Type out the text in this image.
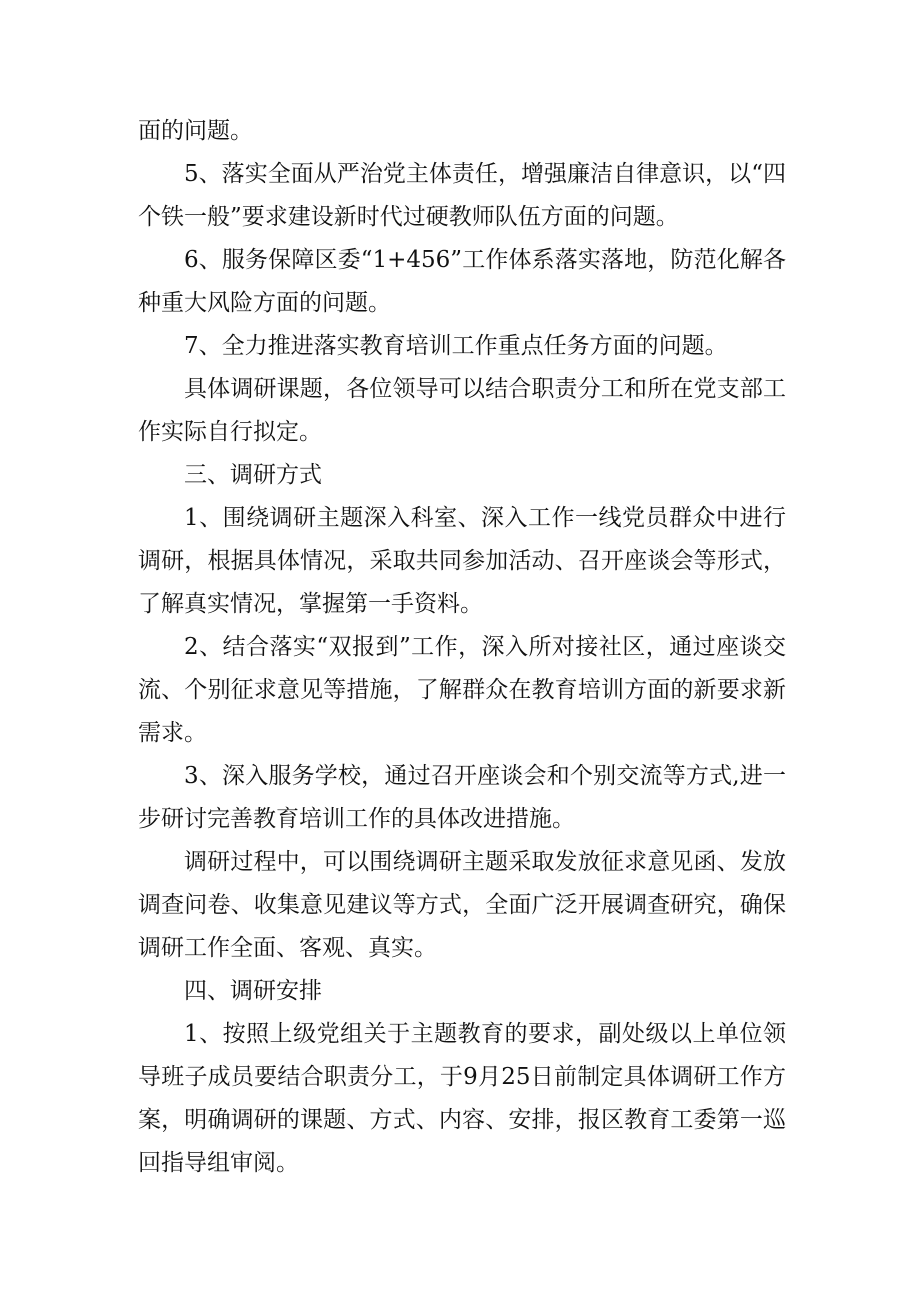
面的问题。

5、落实全面从严治党主体责任，增强廉洁自律意识，以“四个铁一般”要求建设新时代过硬教师队伍方面的问题。

6、服务保障区委“1+456”工作体系落实落地，防范化解各种重大风险方面的问题。

7、全力推进落实教育培训工作重点任务方面的问题。

具体调研课题，各位领导可以结合职责分工和所在党支部工作实际自行拟定。

三、调研方式

1、围绕调研主题深入科室、深入工作一线党员群众中进行调研，根据具体情况，采取共同参加活动、召开座谈会等形式，了解真实情况，掌握第一手资料。

2、结合落实“双报到”工作，深入所对接社区，通过座谈交流、个别征求意见等措施，了解群众在教育培训方面的新要求新需求。

3、深入服务学校，通过召开座谈会和个别交流等方式,进一步研讨完善教育培训工作的具体改进措施。

调研过程中，可以围绕调研主题采取发放征求意见函、发放调查问卷、收集意见建议等方式，全面广泛开展调查研究，确保调研工作全面、客观、真实。

四、调研安排

1、按照上级党组关于主题教育的要求，副处级以上单位领导班子成员要结合职责分工，于9月25日前制定具体调研工作方案，明确调研的课题、方式、内容、安排，报区教育工委第一巡回指导组审阅。
